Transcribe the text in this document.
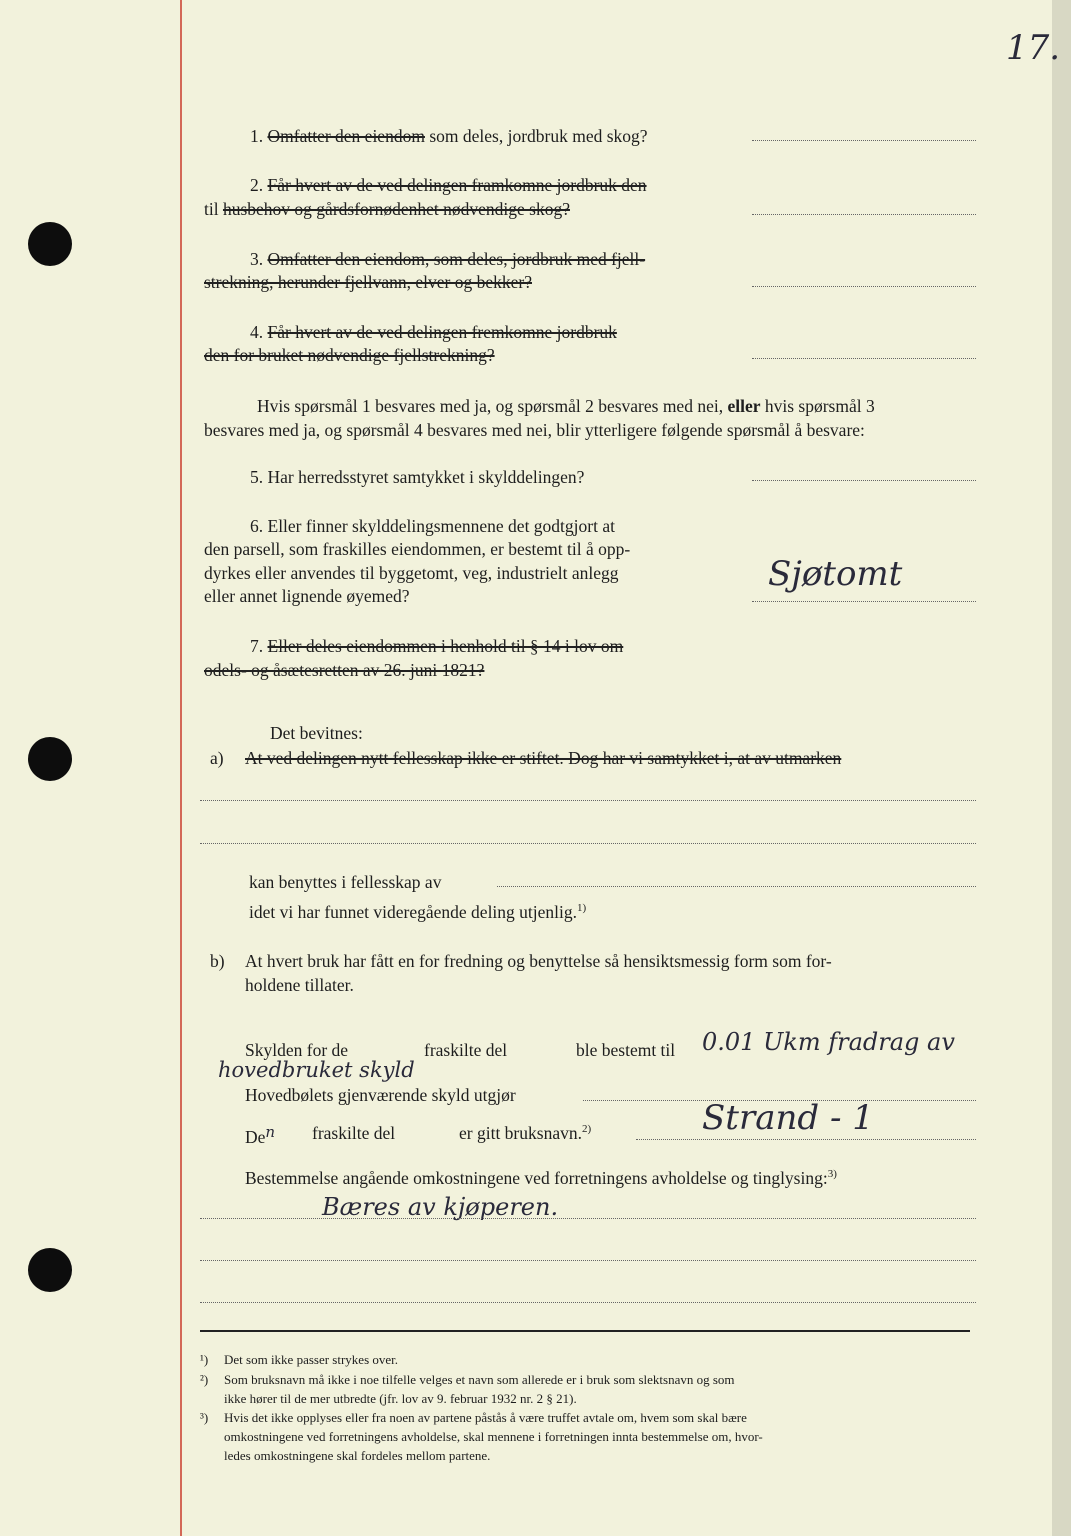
17.
1. Omfatter den eiendom som deles, jordbruk med skog?
2. Får hvert av de ved delingen framkomne jordbruk den
til husbehov og gårdsfornødenhet nødvendige skog?
3. Omfatter den eiendom, som deles, jordbruk med fjell-
strekning, herunder fjellvann, elver og bekker?
4. Får hvert av de ved delingen fremkomne jordbruk
den for bruket nødvendige fjellstrekning?
Hvis spørsmål 1 besvares med ja, og spørsmål 2 besvares med nei, eller hvis spørsmål 3
besvares med ja, og spørsmål 4 besvares med nei, blir ytterligere følgende spørsmål å besvare:
5. Har herredsstyret samtykket i skylddelingen?
6. Eller finner skylddelingsmennene det godtgjort at
den parsell, som fraskilles eiendommen, er bestemt til å opp-
dyrkes eller anvendes til byggetomt, veg, industrielt anlegg
eller annet lignende øyemed?
Sjøtomt
7. Eller deles eiendommen i henhold til § 14 i lov om
odels- og åsætesretten av 26. juni 1821?
Det bevitnes:
a) At ved delingen nytt fellesskap ikke er stiftet. Dog har vi samtykket i, at av utmarken
kan benyttes i fellesskap av
idet vi har funnet videregående deling utjenlig.$^{1)}$
b) At hvert bruk har fått en for fredning og benyttelse så hensiktsmessig form som for-
holdene tillater.
Skylden for de	fraskilte del	ble bestemt til 0.01 Ukm fradrag av
hovedbruket skyld
Hovedbølets gjenværende skyld utgjør
Den fraskilte del	er gitt bruksnavn.$^{2)}$	Strand - 1
Bestemmelse angående omkostningene ved forretningens avholdelse og tinglysing:$^{3)}$
Bæres av kjøperen.
¹) Det som ikke passer strykes over.
²) Som bruksnavn må ikke i noe tilfelle velges et navn som allerede er i bruk som slektsnavn og som
ikke hører til de mer utbredte (jfr. lov av 9. februar 1932 nr. 2 § 21).
³) Hvis det ikke opplyses eller fra noen av partene påstås å være truffet avtale om, hvem som skal bære
omkostningene ved forretningens avholdelse, skal mennene i forretningen innta bestemmelse om, hvor-
ledes omkostningene skal fordeles mellom partene.
